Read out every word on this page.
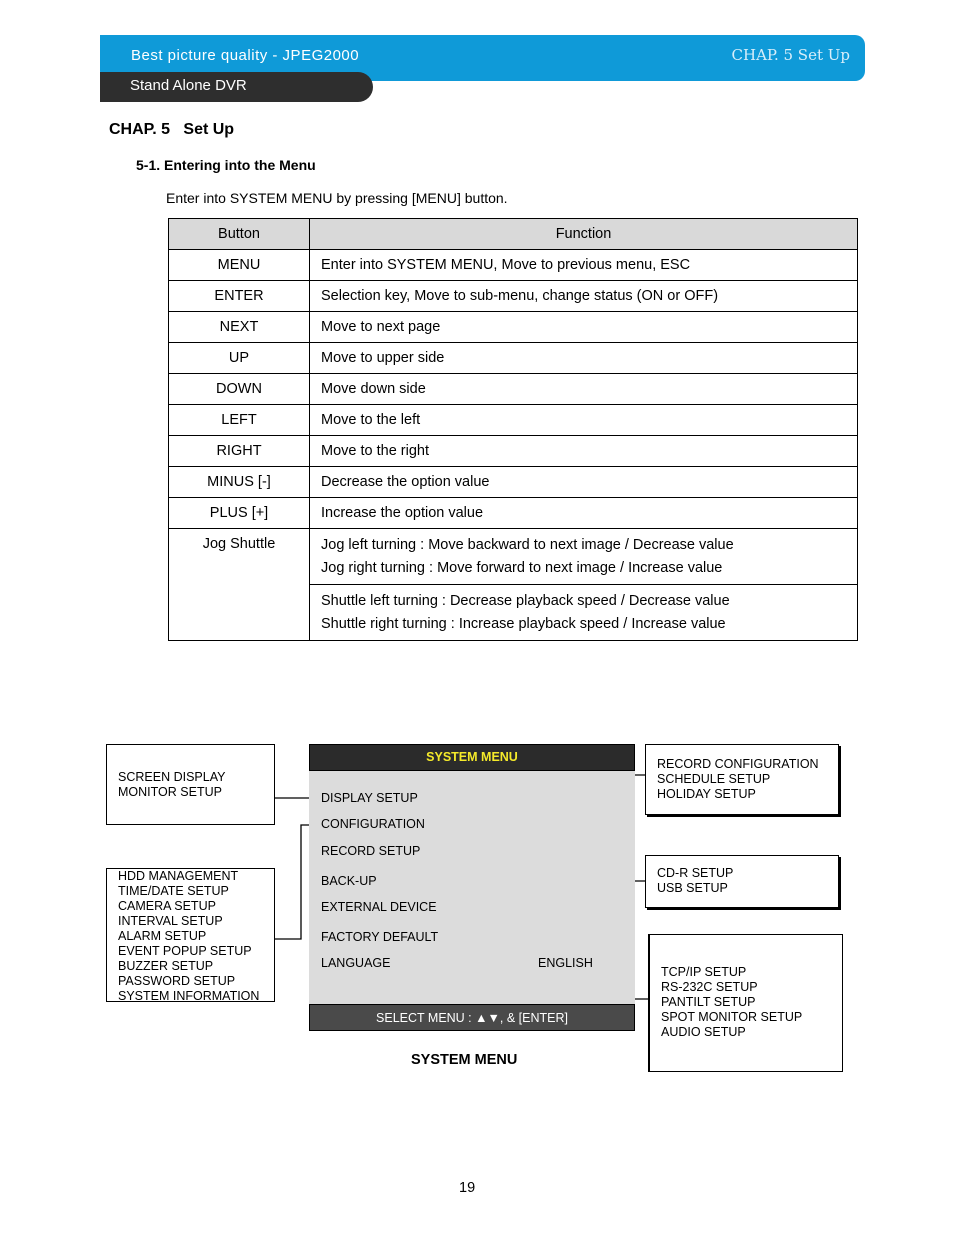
Best picture quality - JPEG2000	CHAP. 5 Set Up
Stand Alone DVR
CHAP. 5   Set Up
5-1. Entering into the Menu
Enter into SYSTEM MENU by pressing [MENU] button.
Button	Function
MENU	Enter into SYSTEM MENU, Move to previous menu, ESC
ENTER	Selection key, Move to sub-menu, change status (ON or OFF)
NEXT	Move to next page
UP	Move to upper side
DOWN	Move down side
LEFT	Move to the left
RIGHT	Move to the right
MINUS [-]	Decrease the option value
PLUS [+]	Increase the option value
Jog Shuttle	Jog left turning : Move backward to next image / Decrease value
Jog right turning : Move forward to next image / Increase value

	Shuttle left turning : Decrease playback speed / Decrease value
Shuttle right turning : Increase playback speed / Increase value
SCREEN DISPLAY
MONITOR SETUP
HDD MANAGEMENT
TIME/DATE SETUP
CAMERA SETUP
INTERVAL SETUP
ALARM SETUP
EVENT POPUP SETUP
BUZZER SETUP
PASSWORD SETUP
SYSTEM INFORMATION
RECORD CONFIGURATION
SCHEDULE SETUP
HOLIDAY SETUP
CD-R SETUP
USB SETUP
TCP/IP SETUP
RS-232C SETUP
PANTILT SETUP
SPOT MONITOR SETUP
AUDIO SETUP
SYSTEM MENU
DISPLAY SETUP
CONFIGURATION
RECORD SETUP
BACK-UP
EXTERNAL DEVICE
FACTORY DEFAULT
LANGUAGE	ENGLISH
SELECT MENU : ▲▼, & [ENTER]
SYSTEM MENU
19
